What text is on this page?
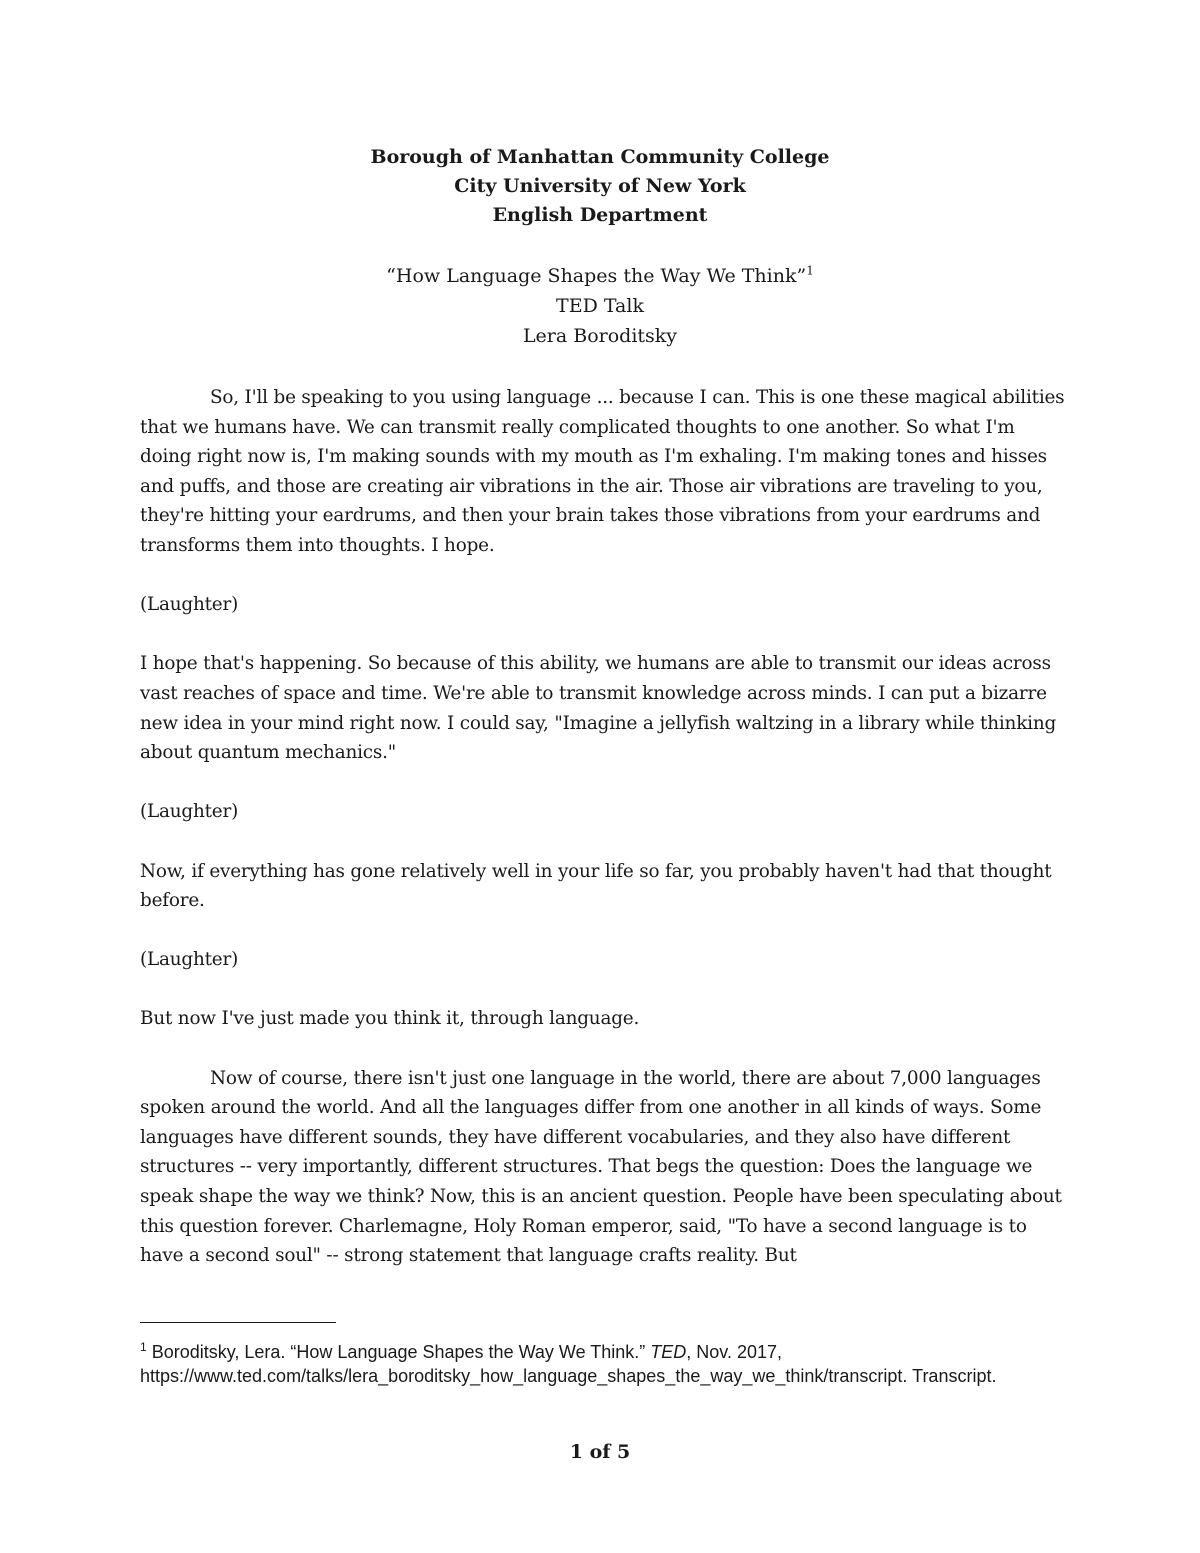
Borough of Manhattan Community College
City University of New York
English Department
“How Language Shapes the Way We Think”$^1$
TED Talk
Lera Boroditsky

So, I'll be speaking to you using language ... because I can. This is one these magical abilities that we humans have. We can transmit really complicated thoughts to one another. So what I'm doing right now is, I'm making sounds with my mouth as I'm exhaling. I'm making tones and hisses and puffs, and those are creating air vibrations in the air. Those air vibrations are traveling to you, they're hitting your eardrums, and then your brain takes those vibrations from your eardrums and transforms them into thoughts. I hope.

(Laughter)

I hope that's happening. So because of this ability, we humans are able to transmit our ideas across vast reaches of space and time. We're able to transmit knowledge across minds. I can put a bizarre new idea in your mind right now. I could say, "Imagine a jellyfish waltzing in a library while thinking about quantum mechanics."

(Laughter)

Now, if everything has gone relatively well in your life so far, you probably haven't had that thought before.

(Laughter)

But now I've just made you think it, through language.

Now of course, there isn't just one language in the world, there are about 7,000 languages spoken around the world. And all the languages differ from one another in all kinds of ways. Some languages have different sounds, they have different vocabularies, and they also have different structures -- very importantly, different structures. That begs the question: Does the language we speak shape the way we think? Now, this is an ancient question. People have been speculating about this question forever. Charlemagne, Holy Roman emperor, said, "To have a second language is to have a second soul" -- strong statement that language crafts reality. But

$^1$ Boroditsky, Lera. “How Language Shapes the Way We Think.” TED, Nov. 2017, https://www.ted.com/talks/lera_boroditsky_how_language_shapes_the_way_we_think/transcript. Transcript.
1 of 5
